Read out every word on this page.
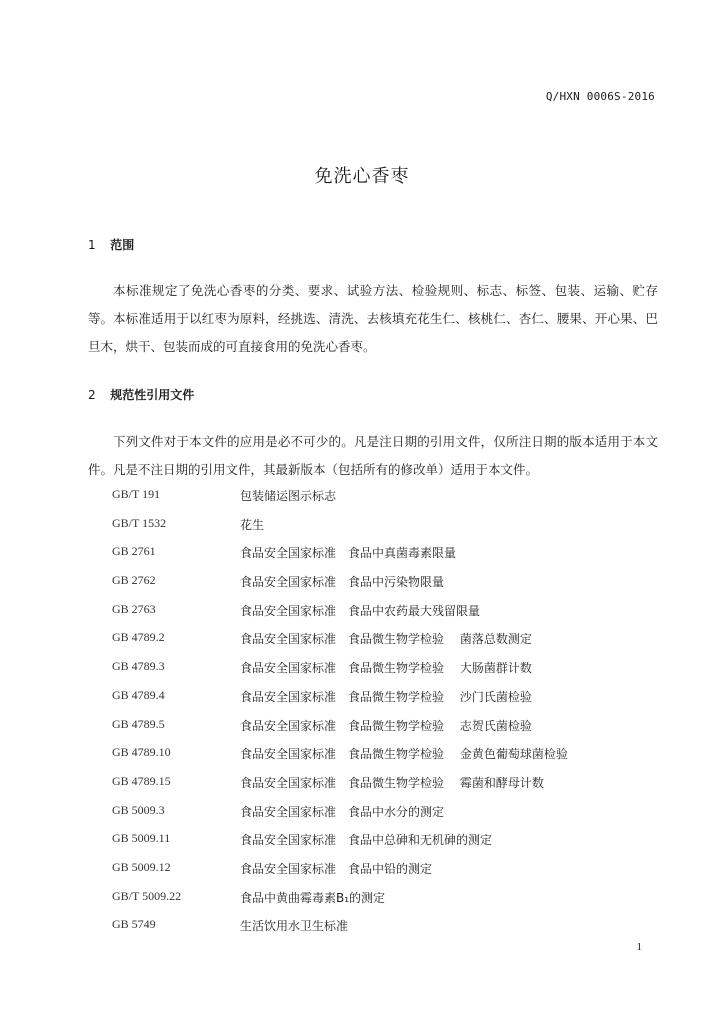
Q/HXN 0006S-2016
免洗心香枣
1 范围
本标准规定了免洗心香枣的分类、要求、试验方法、检验规则、标志、标签、包装、运输、贮存等。 本标准适用于以红枣为原料，经挑选、清洗、去核填充花生仁、核桃仁、杏仁、腰果、开心果、巴旦木，烘干、包装而成的可直接食用的免洗心香枣。
2 规范性引用文件
下列文件对于本文件的应用是必不可少的。凡是注日期的引用文件，仅所注日期的版本适用于本文件。凡是不注日期的引用文件，其最新版本（包括所有的修改单）适用于本文件。
GB/T 191	包装储运图示标志
GB/T 1532	花生
GB 2761	食品安全国家标准　食品中真菌毒素限量
GB 2762	食品安全国家标准　食品中污染物限量
GB 2763	食品安全国家标准　食品中农药最大残留限量
GB 4789.2	食品安全国家标准　食品微生物学检验　 菌落总数测定
GB 4789.3	食品安全国家标准　食品微生物学检验　 大肠菌群计数
GB 4789.4	食品安全国家标准　食品微生物学检验　 沙门氏菌检验
GB 4789.5	食品安全国家标准　食品微生物学检验　 志贺氏菌检验
GB 4789.10	食品安全国家标准　食品微生物学检验　 金黄色葡萄球菌检验
GB 4789.15	食品安全国家标准　食品微生物学检验　 霉菌和酵母计数
GB 5009.3	食品安全国家标准　食品中水分的测定
GB 5009.11	食品安全国家标准　食品中总砷和无机砷的测定
GB 5009.12	食品安全国家标准　食品中铅的测定
GB/T 5009.22	食品中黄曲霉毒素B₁的测定
GB 5749	生活饮用水卫生标准
1
